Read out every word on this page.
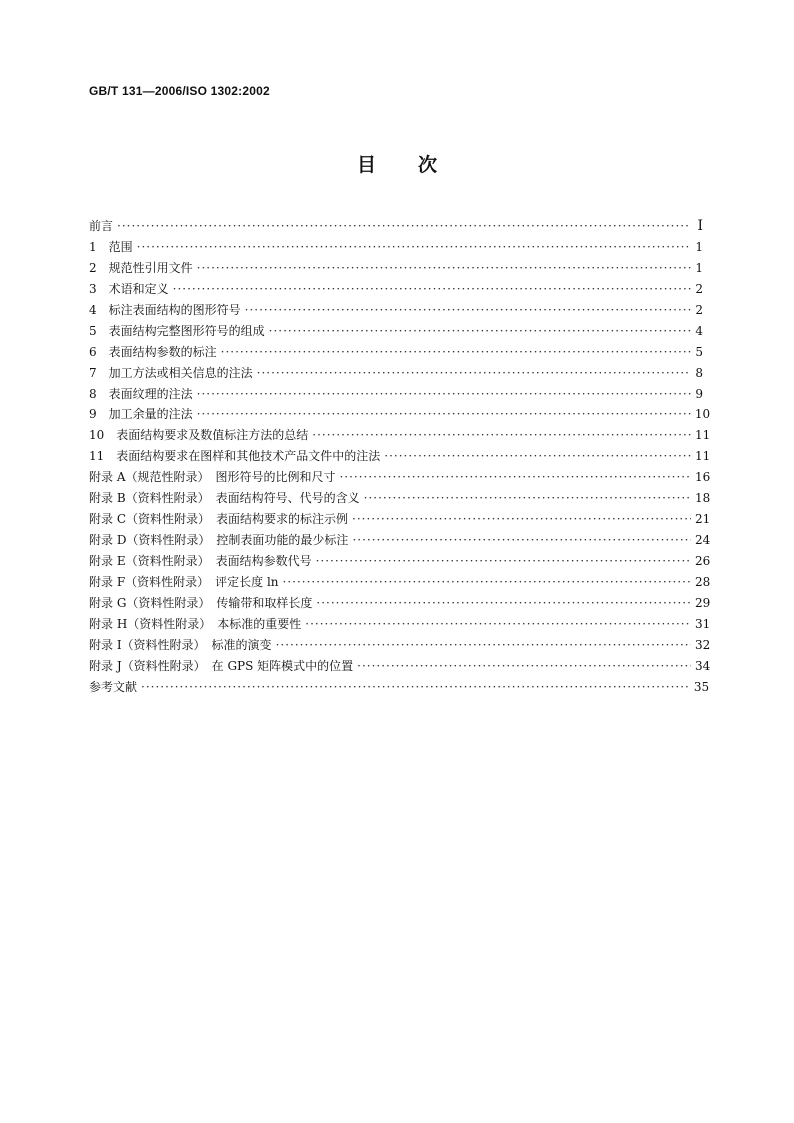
GB/T 131—2006/ISO 1302:2002
目 次
前言 ·····	I
1　范围 ·····	1
2　规范性引用文件 ·····	1
3　术语和定义 ·····	2
4　标注表面结构的图形符号 ·····	2
5　表面结构完整图形符号的组成 ·····	4
6　表面结构参数的标注 ·····	5
7　加工方法或相关信息的注法 ·····	8
8　表面纹理的注法 ·····	9
9　加工余量的注法 ·····	10
10　表面结构要求及数值标注方法的总结 ·····	11
11　表面结构要求在图样和其他技术产品文件中的注法 ·····	11
附录 A（规范性附录）　图形符号的比例和尺寸 ·····	16
附录 B（资料性附录）　表面结构符号、代号的含义 ·····	18
附录 C（资料性附录）　表面结构要求的标注示例 ·····	21
附录 D（资料性附录）　控制表面功能的最少标注 ·····	24
附录 E（资料性附录）　表面结构参数代号 ·····	26
附录 F（资料性附录）　评定长度 ln ·····	28
附录 G（资料性附录）　传输带和取样长度 ·····	29
附录 H（资料性附录）　本标准的重要性 ·····	31
附录 I（资料性附录）　标准的演变 ·····	32
附录 J（资料性附录）　在 GPS 矩阵模式中的位置 ·····	34
参考文献 ·····	35
